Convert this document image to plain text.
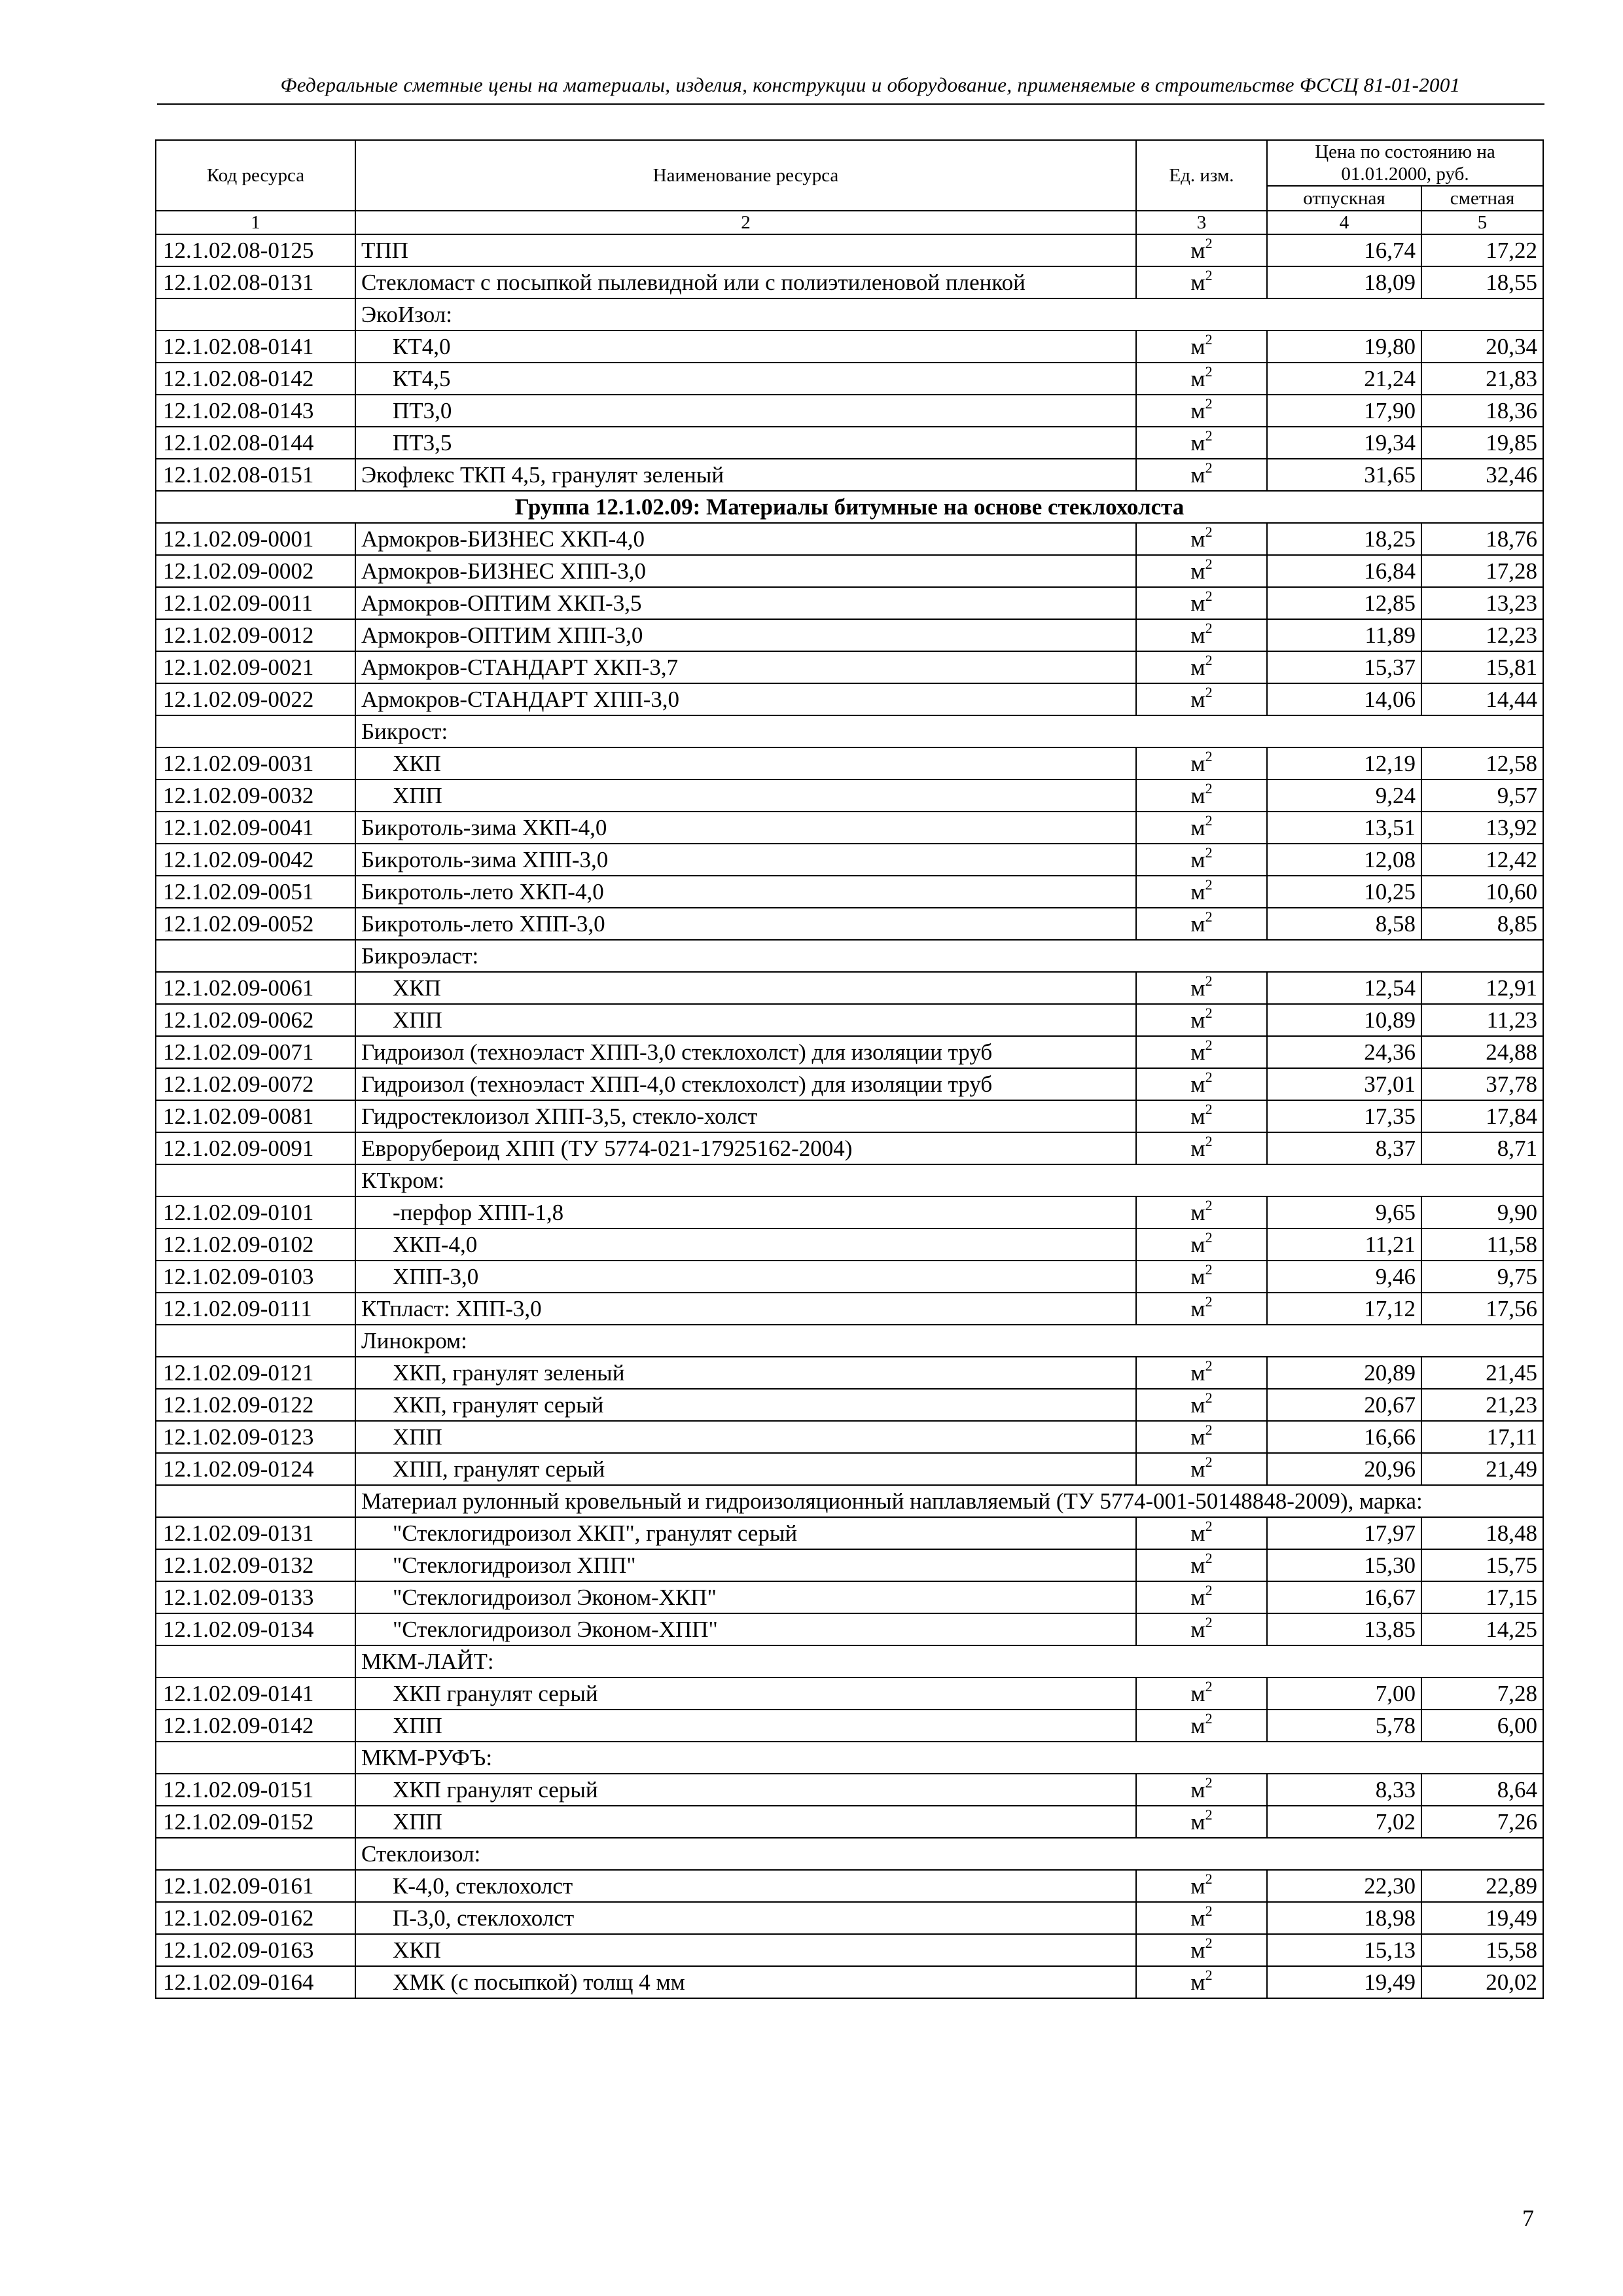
Федеральные сметные цены на материалы, изделия, конструкции и оборудование, применяемые в строительстве ФССЦ 81-01-2001
Код ресурса	Наименование ресурса	Ед. изм.	Цена по состоянию на 01.01.2000, руб.	
			отпускная	сметная
1	2	3	4	5
12.1.02.08-0125	ТПП	$м^2$	16,74	17,22
12.1.02.08-0131	Стекломаст с посыпкой пылевидной или с полиэтиленовой пленкой	$м^2$	18,09	18,55
	ЭкоИзол:			
12.1.02.08-0141	КТ4,0	$м^2$	19,80	20,34
12.1.02.08-0142	КТ4,5	$м^2$	21,24	21,83
12.1.02.08-0143	ПТ3,0	$м^2$	17,90	18,36
12.1.02.08-0144	ПТ3,5	$м^2$	19,34	19,85
12.1.02.08-0151	Экофлекс ТКП 4,5, гранулят зеленый	$м^2$	31,65	32,46
Группа 12.1.02.09: Материалы битумные на основе стеклохолста				
12.1.02.09-0001	Армокров-БИЗНЕС ХКП-4,0	$м^2$	18,25	18,76
12.1.02.09-0002	Армокров-БИЗНЕС ХПП-3,0	$м^2$	16,84	17,28
12.1.02.09-0011	Армокров-ОПТИМ ХКП-3,5	$м^2$	12,85	13,23
12.1.02.09-0012	Армокров-ОПТИМ ХПП-3,0	$м^2$	11,89	12,23
12.1.02.09-0021	Армокров-СТАНДАРТ ХКП-3,7	$м^2$	15,37	15,81
12.1.02.09-0022	Армокров-СТАНДАРТ ХПП-3,0	$м^2$	14,06	14,44
	Бикрост:			
12.1.02.09-0031	ХКП	$м^2$	12,19	12,58
12.1.02.09-0032	ХПП	$м^2$	9,24	9,57
12.1.02.09-0041	Бикротоль-зима ХКП-4,0	$м^2$	13,51	13,92
12.1.02.09-0042	Бикротоль-зима ХПП-3,0	$м^2$	12,08	12,42
12.1.02.09-0051	Бикротоль-лето ХКП-4,0	$м^2$	10,25	10,60
12.1.02.09-0052	Бикротоль-лето ХПП-3,0	$м^2$	8,58	8,85
	Бикроэласт:			
12.1.02.09-0061	ХКП	$м^2$	12,54	12,91
12.1.02.09-0062	ХПП	$м^2$	10,89	11,23
12.1.02.09-0071	Гидроизол (техноэласт ХПП-3,0 стеклохолст) для изоляции труб	$м^2$	24,36	24,88
12.1.02.09-0072	Гидроизол (техноэласт ХПП-4,0 стеклохолст) для изоляции труб	$м^2$	37,01	37,78
12.1.02.09-0081	Гидростеклоизол ХПП-3,5, стекло-холст	$м^2$	17,35	17,84
12.1.02.09-0091	Еврорубероид ХПП (ТУ 5774-021-17925162-2004)	$м^2$	8,37	8,71
	КТкром:			
12.1.02.09-0101	-перфор ХПП-1,8	$м^2$	9,65	9,90
12.1.02.09-0102	ХКП-4,0	$м^2$	11,21	11,58
12.1.02.09-0103	ХПП-3,0	$м^2$	9,46	9,75
12.1.02.09-0111	КТпласт: ХПП-3,0	$м^2$	17,12	17,56
	Линокром:			
12.1.02.09-0121	ХКП, гранулят зеленый	$м^2$	20,89	21,45
12.1.02.09-0122	ХКП, гранулят серый	$м^2$	20,67	21,23
12.1.02.09-0123	ХПП	$м^2$	16,66	17,11
12.1.02.09-0124	ХПП, гранулят серый	$м^2$	20,96	21,49
	Материал рулонный кровельный и гидроизоляционный наплавляемый (ТУ 5774-001-50148848-2009), марка:			
12.1.02.09-0131	"Стеклогидроизол ХКП", гранулят серый	$м^2$	17,97	18,48
12.1.02.09-0132	"Стеклогидроизол ХПП"	$м^2$	15,30	15,75
12.1.02.09-0133	"Стеклогидроизол Эконом-ХКП"	$м^2$	16,67	17,15
12.1.02.09-0134	"Стеклогидроизол Эконом-ХПП"	$м^2$	13,85	14,25
	МКМ-ЛАЙТ:			
12.1.02.09-0141	ХКП гранулят серый	$м^2$	7,00	7,28
12.1.02.09-0142	ХПП	$м^2$	5,78	6,00
	МКМ-РУФЪ:			
12.1.02.09-0151	ХКП гранулят серый	$м^2$	8,33	8,64
12.1.02.09-0152	ХПП	$м^2$	7,02	7,26
	Стеклоизол:			
12.1.02.09-0161	К-4,0, стеклохолст	$м^2$	22,30	22,89
12.1.02.09-0162	П-3,0, стеклохолст	$м^2$	18,98	19,49
12.1.02.09-0163	ХКП	$м^2$	15,13	15,58
12.1.02.09-0164	ХМК (с посыпкой) толщ 4 мм	$м^2$	19,49	20,02
7
